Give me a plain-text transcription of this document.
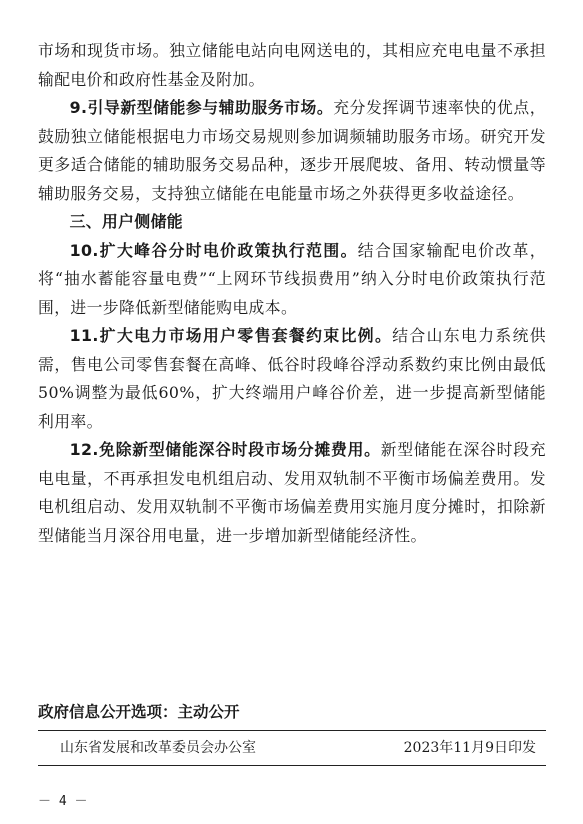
市场和现货市场。独立储能电站向电网送电的，其相应充电电量不承担输配电价和政府性基金及附加。

9.引导新型储能参与辅助服务市场。充分发挥调节速率快的优点，鼓励独立储能根据电力市场交易规则参加调频辅助服务市场。研究开发更多适合储能的辅助服务交易品种，逐步开展爬坡、备用、转动惯量等辅助服务交易，支持独立储能在电能量市场之外获得更多收益途径。

三、用户侧储能

10.扩大峰谷分时电价政策执行范围。结合国家输配电价改革，将“抽水蓄能容量电费”“上网环节线损费用”纳入分时电价政策执行范围，进一步降低新型储能购电成本。

11.扩大电力市场用户零售套餐约束比例。结合山东电力系统供需，售电公司零售套餐在高峰、低谷时段峰谷浮动系数约束比例由最低50%调整为最低60%，扩大终端用户峰谷价差，进一步提高新型储能利用率。

12.免除新型储能深谷时段市场分摊费用。新型储能在深谷时段充电电量，不再承担发电机组启动、发用双轨制不平衡市场偏差费用。发电机组启动、发用双轨制不平衡市场偏差费用实施月度分摊时，扣除新型储能当月深谷用电量，进一步增加新型储能经济性。

政府信息公开选项：主动公开
山东省发展和改革委员会办公室	2023年11月9日印发
－ 4 －
